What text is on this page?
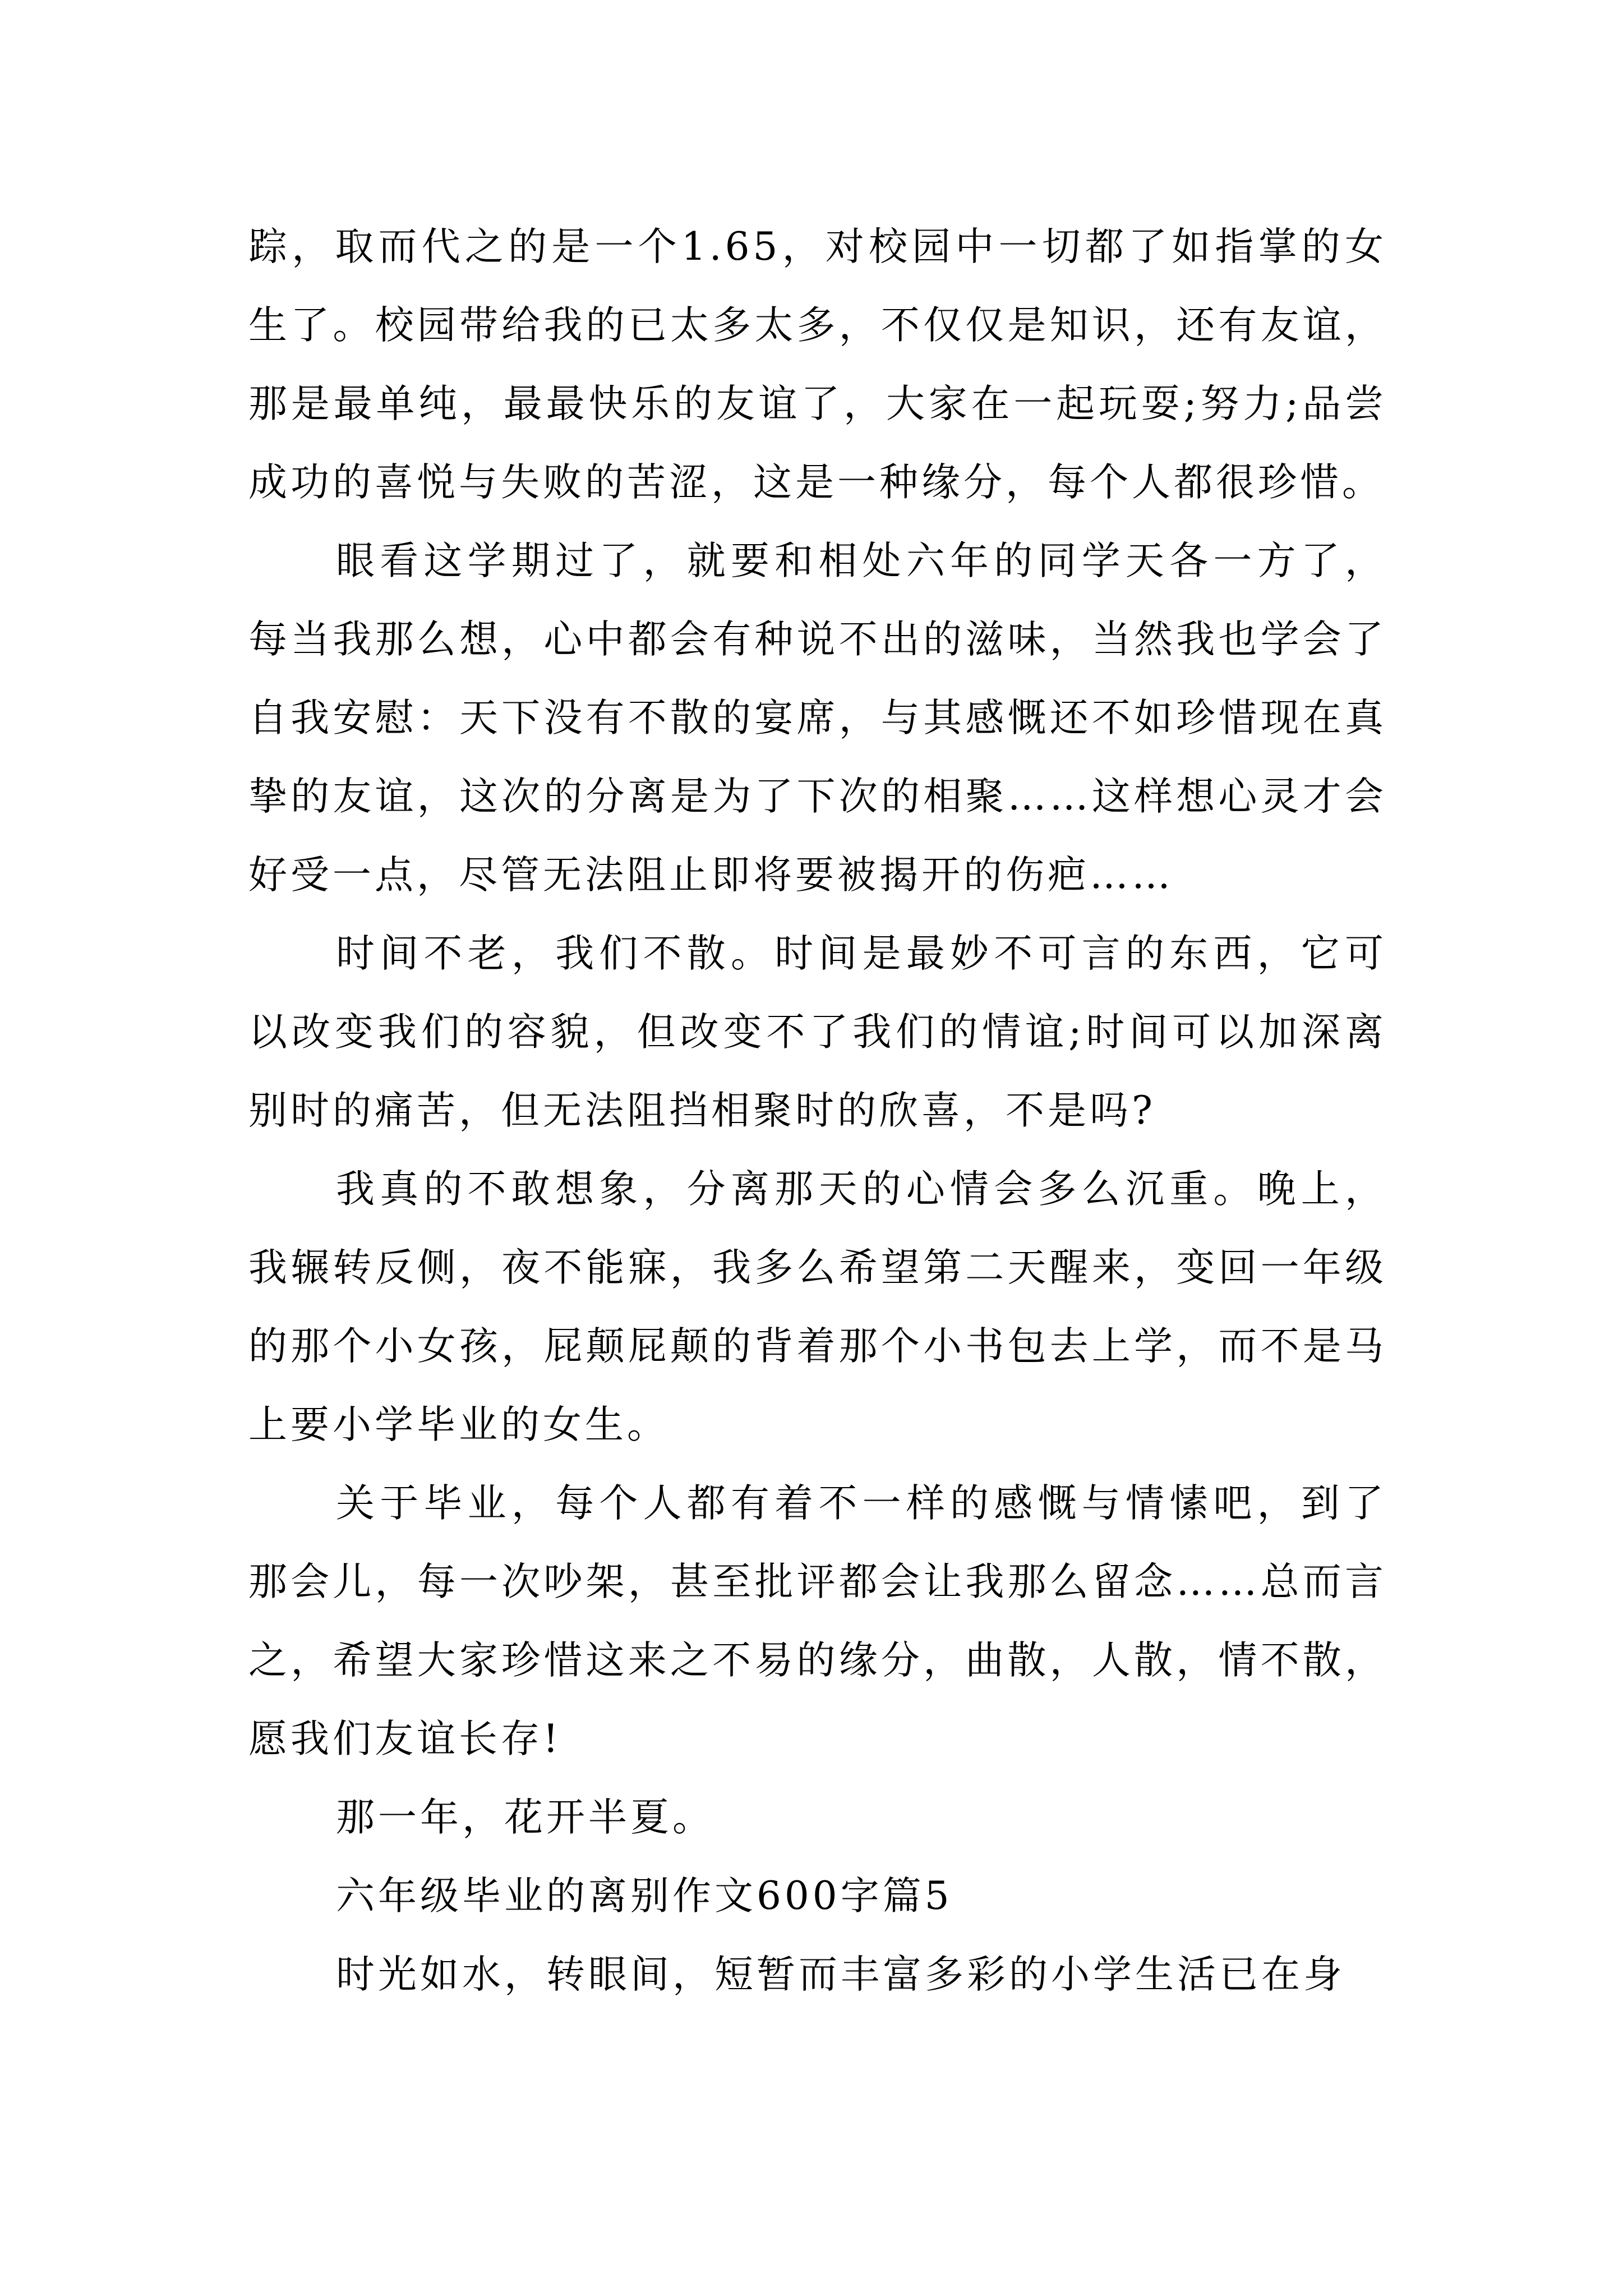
踪，取而代之的是一个1.65，对校园中一切都了如指掌的女生了。校园带给我的已太多太多，不仅仅是知识，还有友谊，那是最单纯，最最快乐的友谊了，大家在一起玩耍;努力;品尝成功的喜悦与失败的苦涩，这是一种缘分，每个人都很珍惜。

眼看这学期过了，就要和相处六年的同学天各一方了，每当我那么想，心中都会有种说不出的滋味，当然我也学会了自我安慰：天下没有不散的宴席，与其感慨还不如珍惜现在真挚的友谊，这次的分离是为了下次的相聚……这样想心灵才会好受一点，尽管无法阻止即将要被揭开的伤疤……

时间不老，我们不散。时间是最妙不可言的东西，它可以改变我们的容貌，但改变不了我们的情谊;时间可以加深离别时的痛苦，但无法阻挡相聚时的欣喜，不是吗?

我真的不敢想象，分离那天的心情会多么沉重。晚上，我辗转反侧，夜不能寐，我多么希望第二天醒来，变回一年级的那个小女孩，屁颠屁颠的背着那个小书包去上学，而不是马上要小学毕业的女生。

关于毕业，每个人都有着不一样的感慨与情愫吧，到了那会儿，每一次吵架，甚至批评都会让我那么留念……总而言之，希望大家珍惜这来之不易的缘分，曲散，人散，情不散，愿我们友谊长存!

那一年，花开半夏。

六年级毕业的离别作文600字篇5

时光如水，转眼间，短暂而丰富多彩的小学生活已在身
